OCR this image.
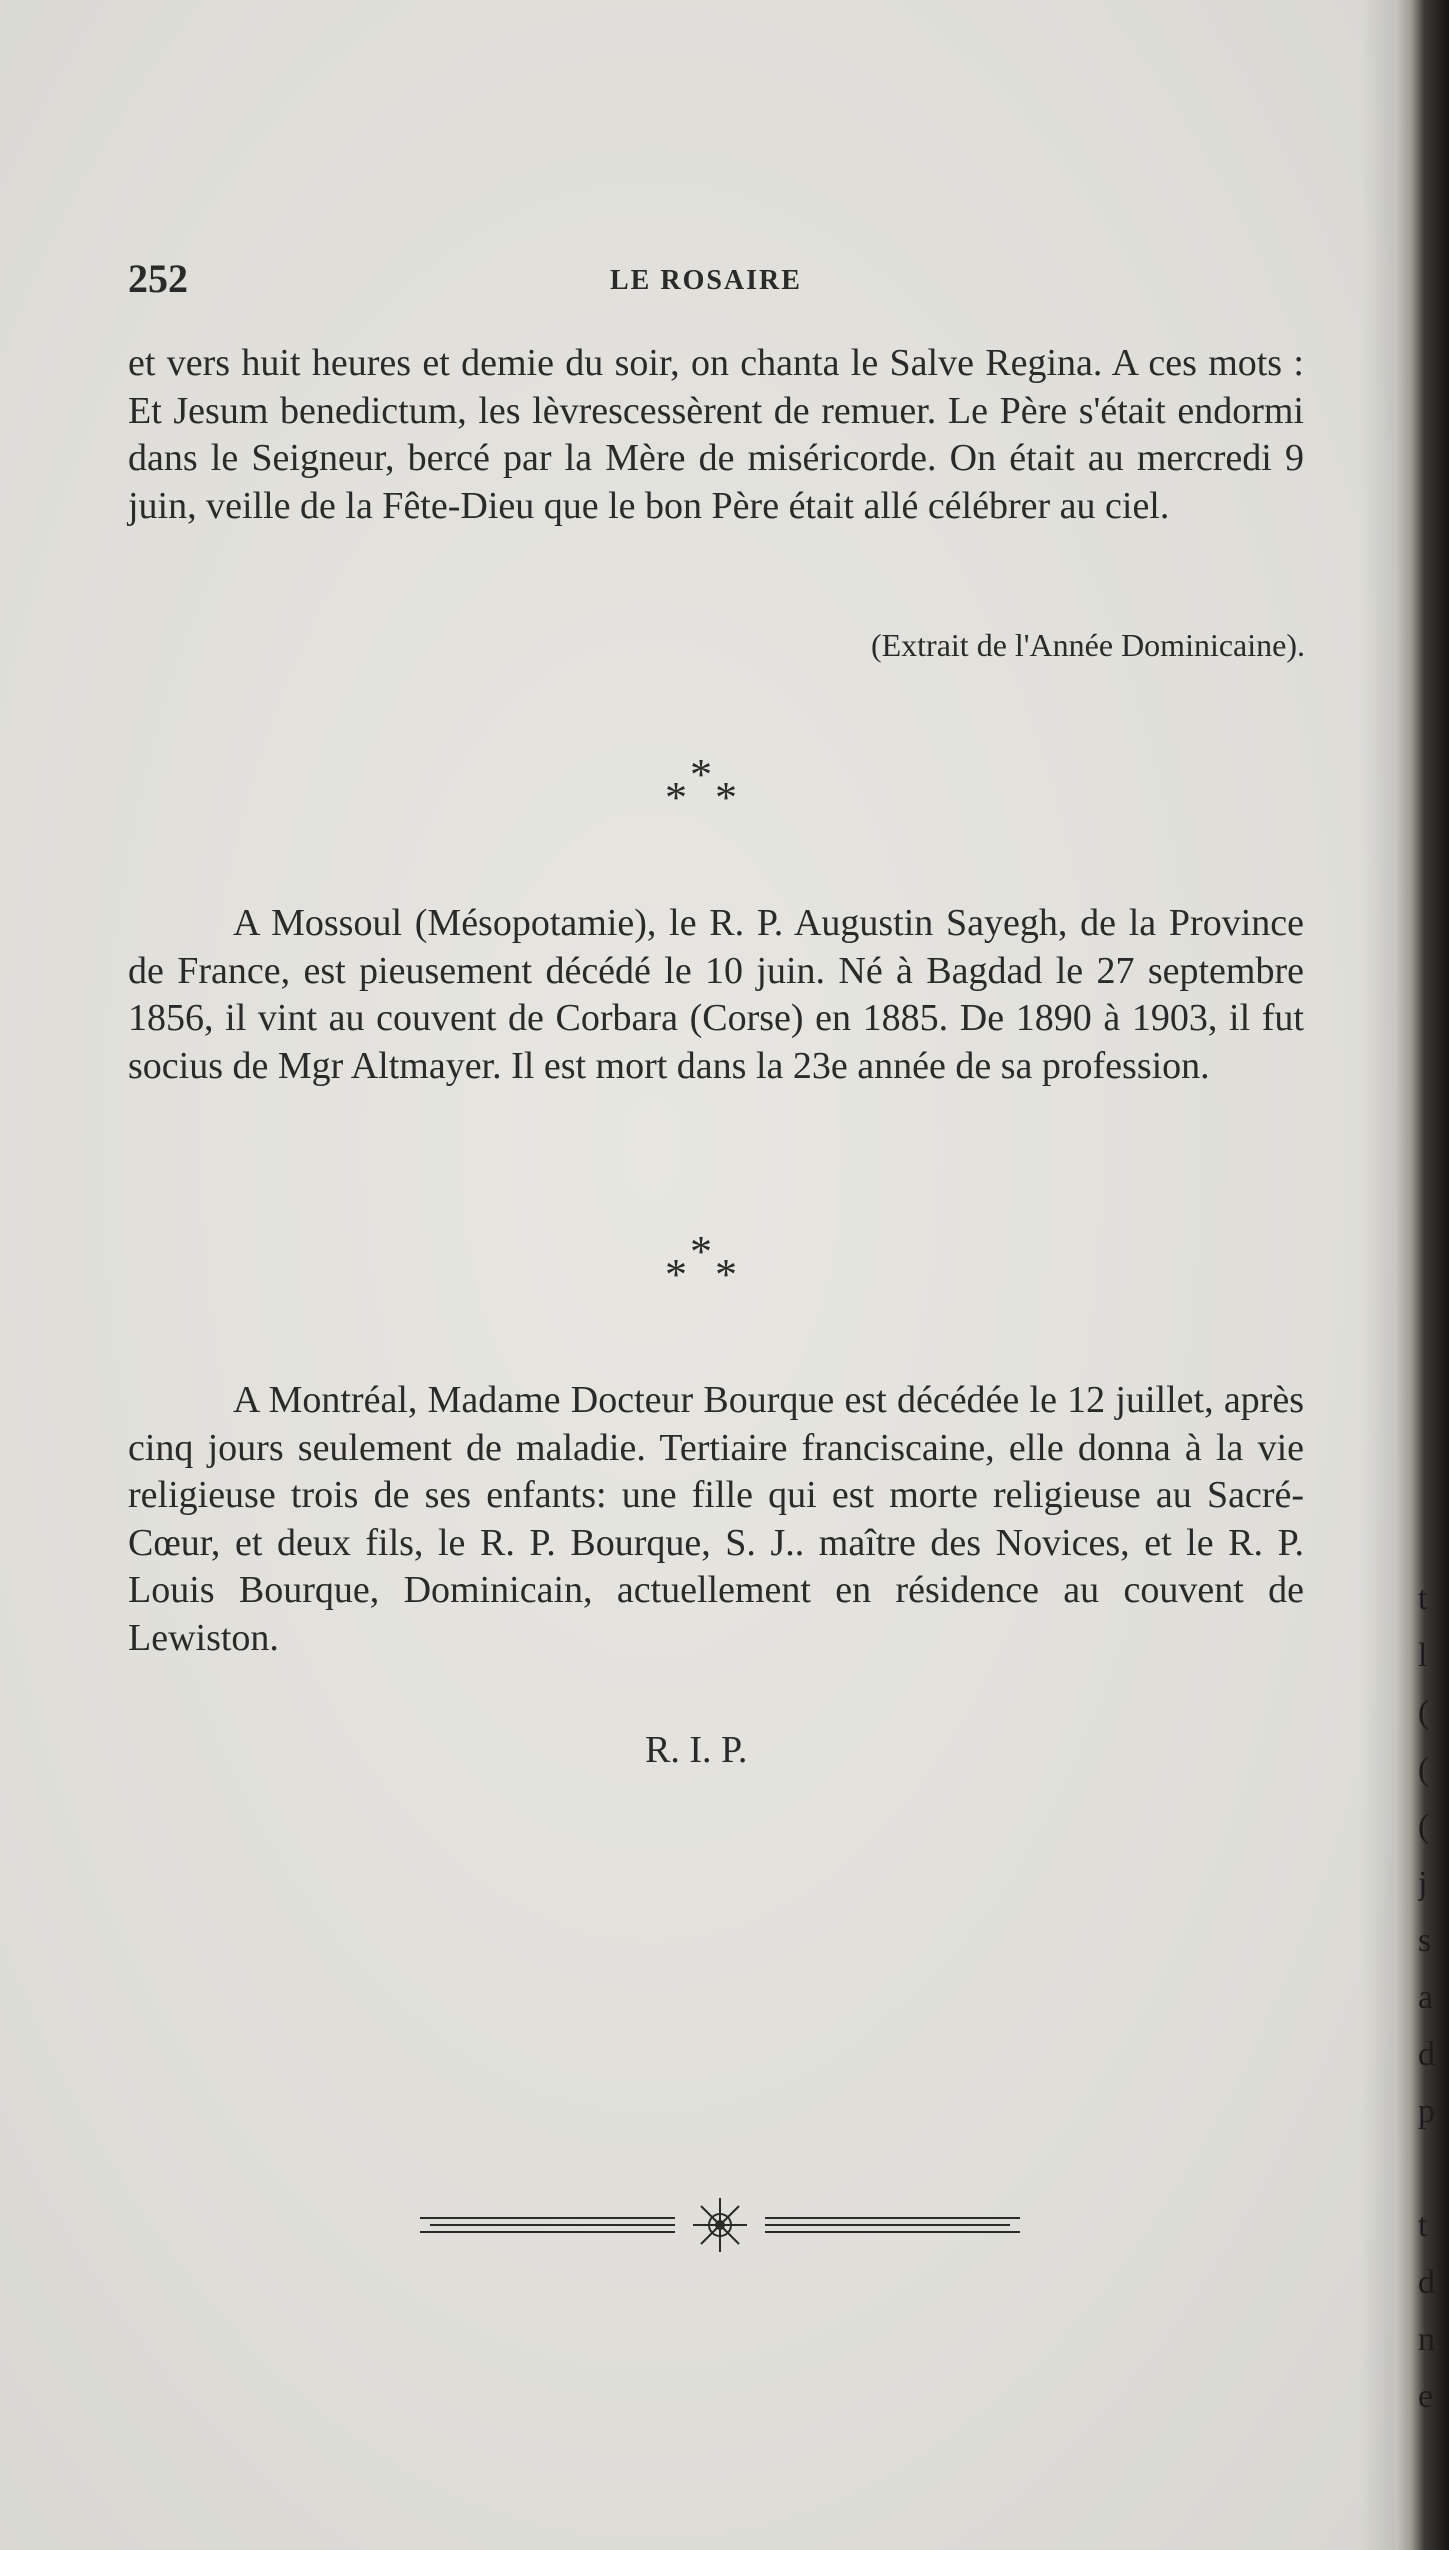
252	LE ROSAIRE

et vers huit heures et demie du soir, on chanta le Salve Regina. A ces mots : Et Jesum benedictum, les lèvrescessèrent de remuer. Le Père s'était endormi dans le Seigneur, bercé par la Mère de miséricorde. On était au mercredi 9 juin, veille de la Fête-Dieu que le bon Père était allé célébrer au ciel.

(Extrait de l'Année Dominicaine).
* * *

A Mossoul (Mésopotamie), le R. P. Augustin Sayegh, de la Province de France, est pieusement décédé le 10 juin. Né à Bagdad le 27 septembre 1856, il vint au couvent de Corbara (Corse) en 1885. De 1890 à 1903, il fut socius de Mgr Altmayer. Il est mort dans la 23e année de sa profession.

* * *

A Montréal, Madame Docteur Bourque est décédée le 12 juillet, après cinq jours seulement de maladie. Tertiaire franciscaine, elle donna à la vie religieuse trois de ses enfants: une fille qui est morte religieuse au Sacré-Cœur, et deux fils, le R. P. Bourque, S. J.. maître des Novices, et le R. P. Louis Bourque, Dominicain, actuellement en résidence au couvent de Lewiston.

R. I. P.
t
l
(
(
(
j
s
a
d
p

t
d
n
e
